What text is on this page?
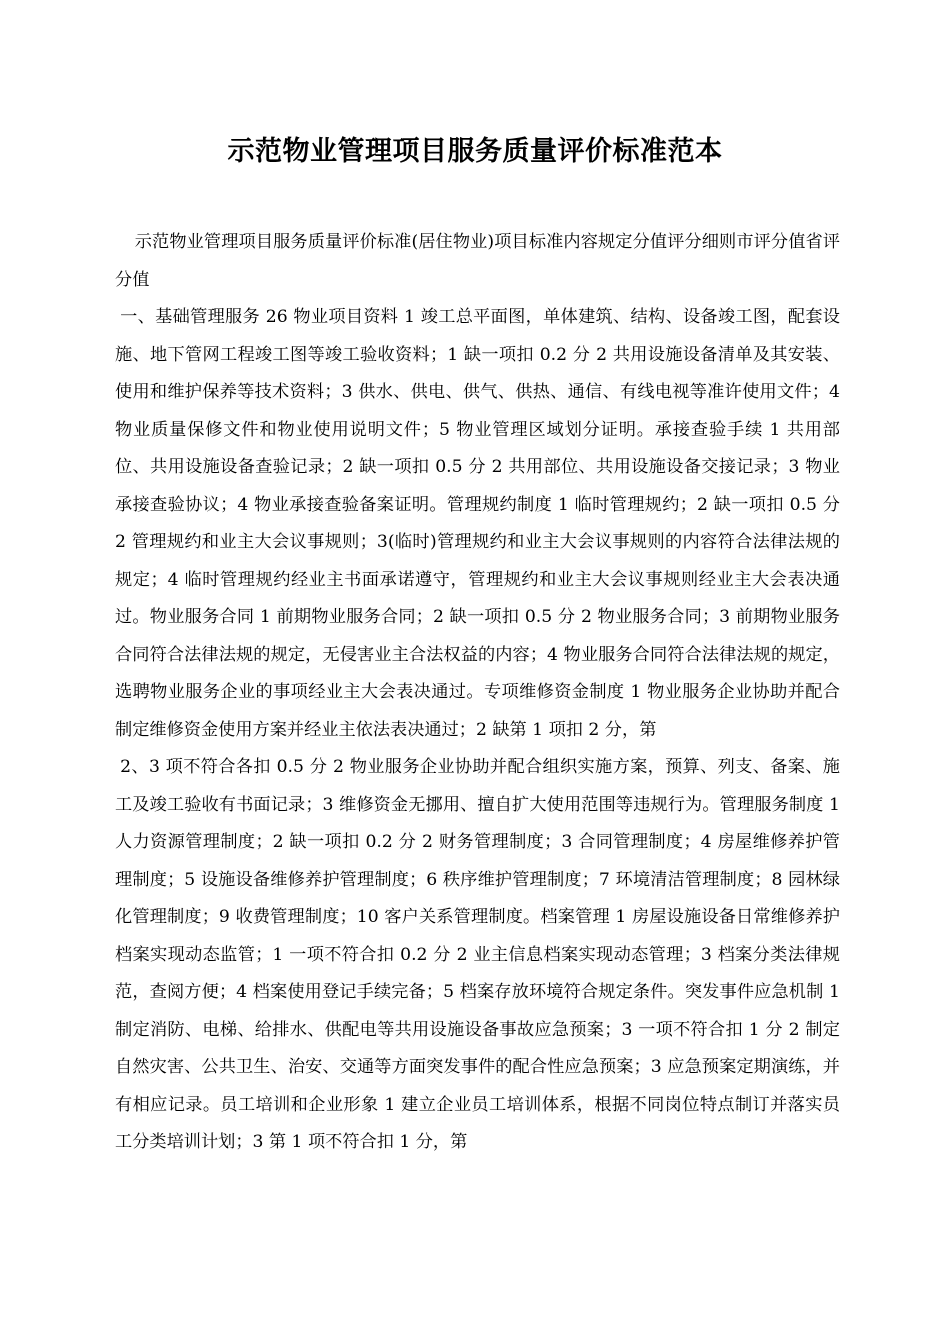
示范物业管理项目服务质量评价标准范本

示范物业管理项目服务质量评价标准(居住物业)项目标准内容规定分值评分细则市评分值省评分值

一、基础管理服务 26 物业项目资料 1 竣工总平面图，单体建筑、结构、设备竣工图，配套设施、地下管网工程竣工图等竣工验收资料；1 缺一项扣 0.2 分 2 共用设施设备清单及其安装、使用和维护保养等技术资料；3 供水、供电、供气、供热、通信、有线电视等准许使用文件；4 物业质量保修文件和物业使用说明文件；5 物业管理区域划分证明。承接查验手续 1 共用部位、共用设施设备查验记录；2 缺一项扣 0.5 分 2 共用部位、共用设施设备交接记录；3 物业承接查验协议；4 物业承接查验备案证明。管理规约制度 1 临时管理规约；2 缺一项扣 0.5 分 2 管理规约和业主大会议事规则；3(临时)管理规约和业主大会议事规则的内容符合法律法规的规定；4 临时管理规约经业主书面承诺遵守，管理规约和业主大会议事规则经业主大会表决通过。物业服务合同 1 前期物业服务合同；2 缺一项扣 0.5 分 2 物业服务合同；3 前期物业服务合同符合法律法规的规定，无侵害业主合法权益的内容；4 物业服务合同符合法律法规的规定，选聘物业服务企业的事项经业主大会表决通过。专项维修资金制度 1 物业服务企业协助并配合制定维修资金使用方案并经业主依法表决通过；2 缺第 1 项扣 2 分，第

2、3 项不符合各扣 0.5 分 2 物业服务企业协助并配合组织实施方案，预算、列支、备案、施工及竣工验收有书面记录；3 维修资金无挪用、擅自扩大使用范围等违规行为。管理服务制度 1 人力资源管理制度；2 缺一项扣 0.2 分 2 财务管理制度；3 合同管理制度；4 房屋维修养护管理制度；5 设施设备维修养护管理制度；6 秩序维护管理制度；7 环境清洁管理制度；8 园林绿化管理制度；9 收费管理制度；10 客户关系管理制度。档案管理 1 房屋设施设备日常维修养护档案实现动态监管；1 一项不符合扣 0.2 分 2 业主信息档案实现动态管理；3 档案分类法律规范，查阅方便；4 档案使用登记手续完备；5 档案存放环境符合规定条件。突发事件应急机制 1 制定消防、电梯、给排水、供配电等共用设施设备事故应急预案；3 一项不符合扣 1 分 2 制定自然灾害、公共卫生、治安、交通等方面突发事件的配合性应急预案；3 应急预案定期演练，并有相应记录。员工培训和企业形象 1 建立企业员工培训体系，根据不同岗位特点制订并落实员工分类培训计划；3 第 1 项不符合扣 1 分，第
